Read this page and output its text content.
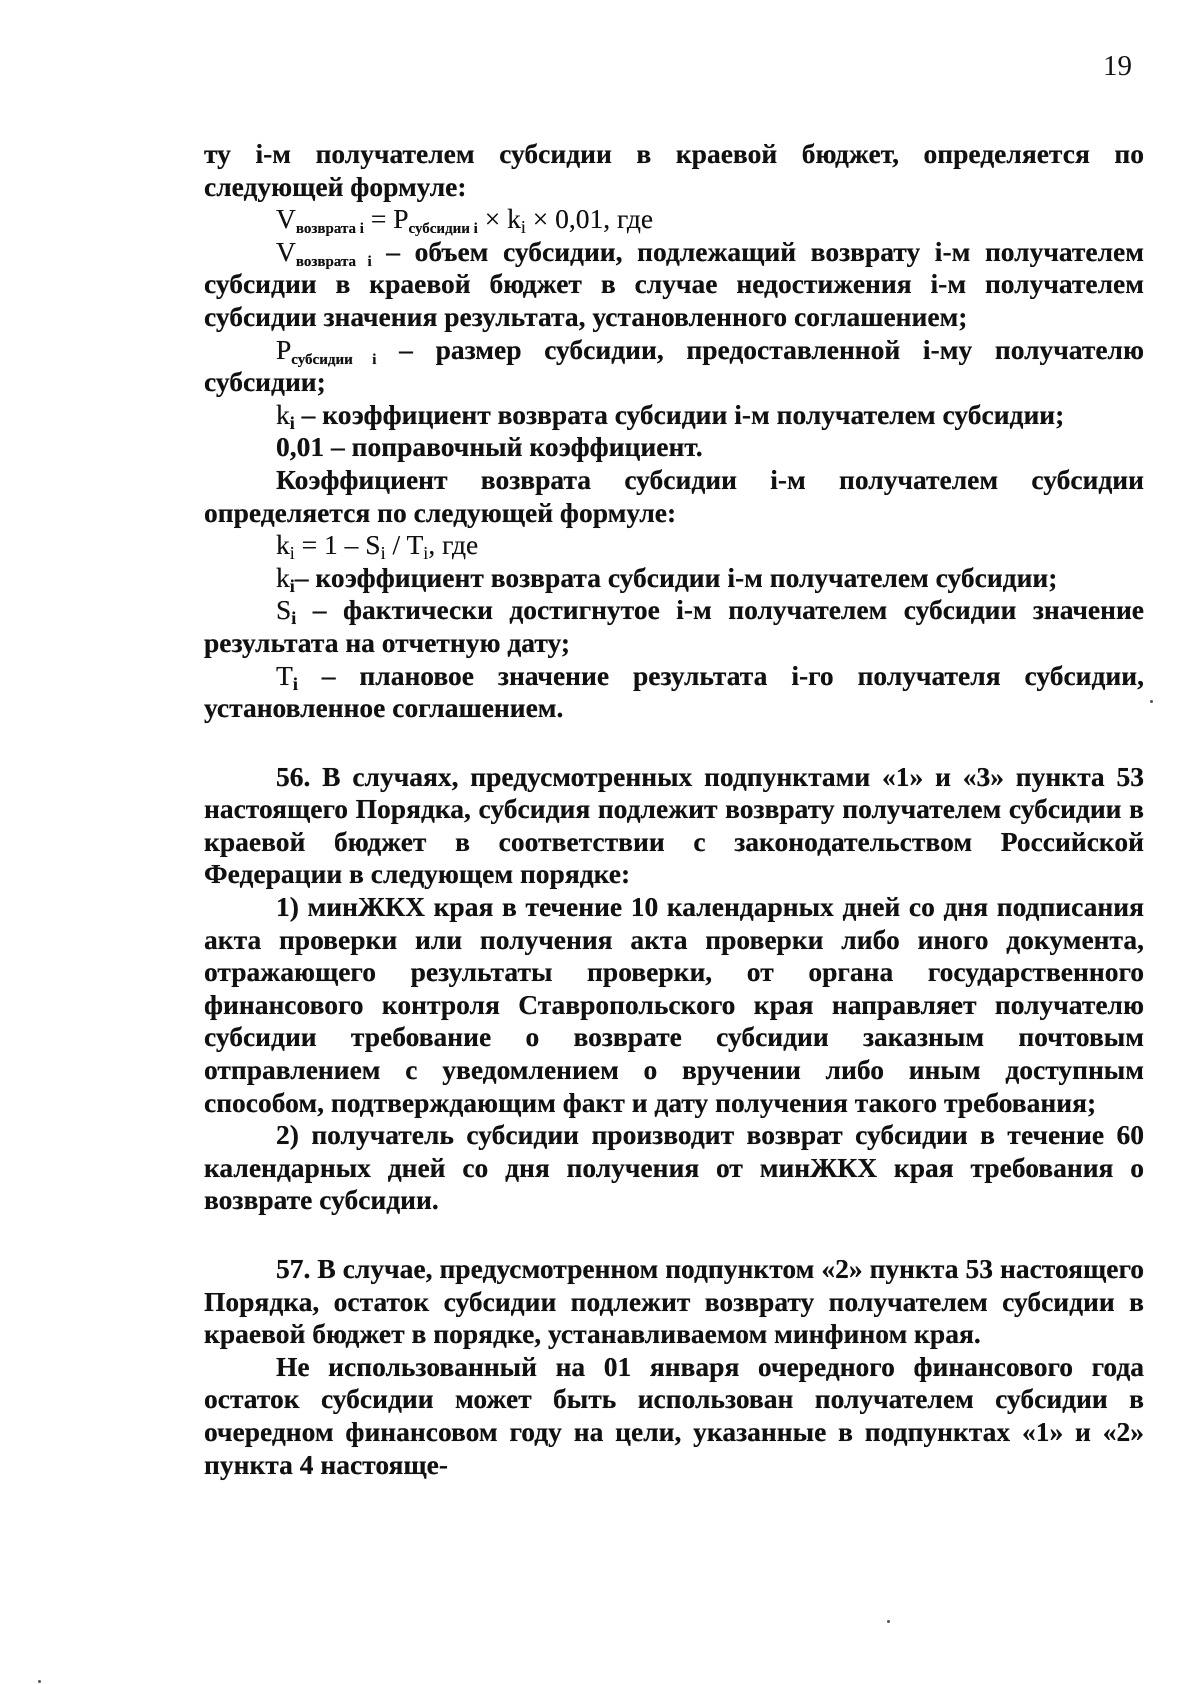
19

ту i-м получателем субсидии в краевой бюджет, определяется по следующей формуле:

$V_{возврата i} = P_{субсидии i}$ × ki × 0,01, где

$V_{возврата i}$ – объем субсидии, подлежащий возврату i-м получателем субсидии в краевой бюджет в случае недостижения i-м получателем субсидии значения результата, установленного соглашением;

$P_{субсидии i}$ – размер субсидии, предоставленной i-му получателю субсидии;

ki – коэффициент возврата субсидии i-м получателем субсидии;

0,01 – поправочный коэффициент.

Коэффициент возврата субсидии i-м получателем субсидии определяется по следующей формуле:

ki = 1 – Si / Ti, где

ki– коэффициент возврата субсидии i-м получателем субсидии;

Si – фактически достигнутое i-м получателем субсидии значение результата на отчетную дату;

Ti – плановое значение результата i-го получателя субсидии, установленное соглашением.

56. В случаях, предусмотренных подпунктами «1» и «3» пункта 53 настоящего Порядка, субсидия подлежит возврату получателем субсидии в краевой бюджет в соответствии с законодательством Российской Федерации в следующем порядке:

1) минЖКХ края в течение 10 календарных дней со дня подписания акта проверки или получения акта проверки либо иного документа, отражающего результаты проверки, от органа государственного финансового контроля Ставропольского края направляет получателю субсидии требование о возврате субсидии заказным почтовым отправлением с уведомлением о вручении либо иным доступным способом, подтверждающим факт и дату получения такого требования;

2) получатель субсидии производит возврат субсидии в течение 60 календарных дней со дня получения от минЖКХ края требования о возврате субсидии.

57. В случае, предусмотренном подпунктом «2» пункта 53 настоящего Порядка, остаток субсидии подлежит возврату получателем субсидии в краевой бюджет в порядке, устанавливаемом минфином края.

Не использованный на 01 января очередного финансового года остаток субсидии может быть использован получателем субсидии в очередном финансовом году на цели, указанные в подпунктах «1» и «2» пункта 4 настояще-
